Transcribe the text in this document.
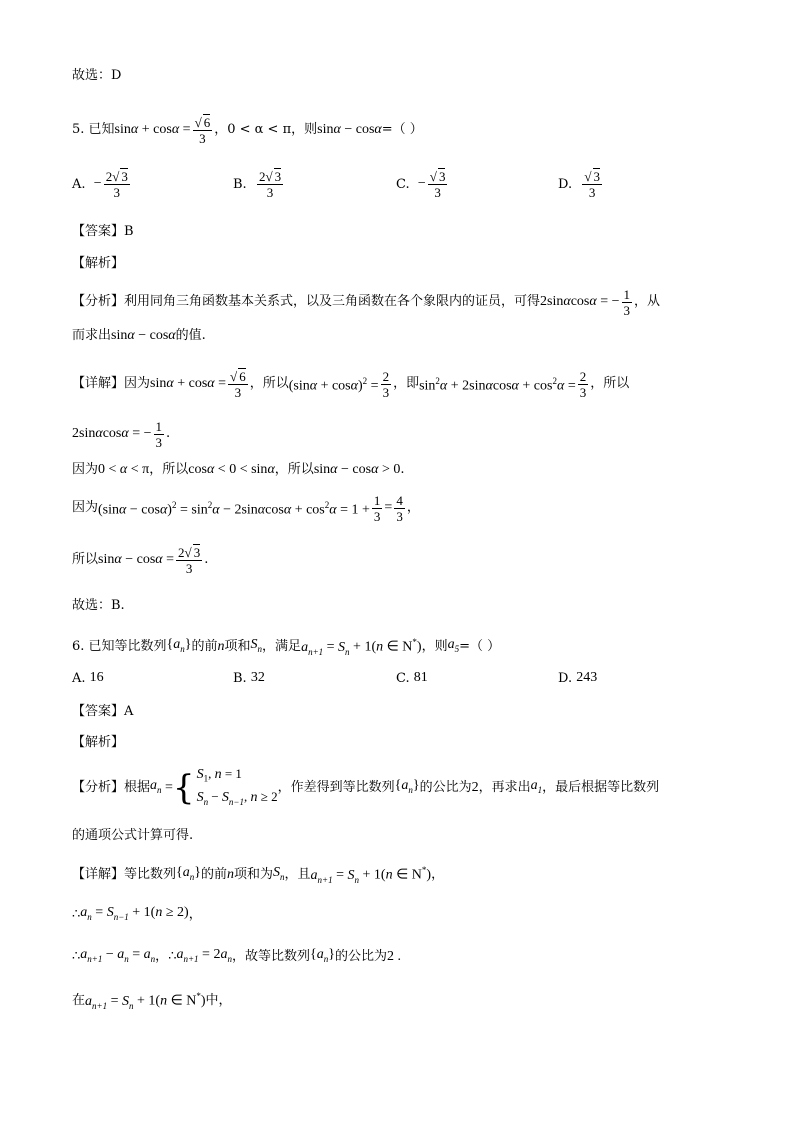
故选：D
5. 已知 $\sin\alpha + \cos\alpha = \frac{√ 6}{3}$ ，0 < α < π，则 sinα − cosα =（ ）
A.
− $\frac{2√ 3}{3}$	B.
$\frac{2√ 3}{3}$	C.
− $\frac{√ 3}{3}$	D.
$\frac{√ 3}{3}$
【答案】B
【解析】
【分析】利用同角三角函数基本关系式，以及三角函数在各个象限内的证员，可得 2sinαcosα = − $\frac{1}{3}$ ，从
而求出 sinα − cosα 的值.
【详解】因为 $\sin\alpha + \cos\alpha = \frac{√ 6}{3}$ ，所以 $(\sin\alpha + \cos\alpha)^2 = \frac{2}{3}$ ，即 $\sin^2\alpha + 2\sin\alpha\cos\alpha + \cos^2\alpha = \frac{2}{3}$ ，所以
2sinαcosα = − $\frac{1}{3}$ .
因为 0 < α < π ，所以 cosα < 0 < sinα ，所以 sinα − cosα > 0 .
因为 $(\sin\alpha - \cos\alpha)^2 = \sin^2\alpha - 2\sin\alpha\cos\alpha + \cos^2\alpha = 1 + \frac{1}{3} = \frac{4}{3}$ ，
所以 $\sin\alpha - \cos\alpha = \frac{2√ 3}{3}$ .
故选：B.
6. 已知等比数列 $\{a_n\}$ 的前 n 项和 $S_n$ ，满足 $a_{n+1} = S_n + 1(n$ ∈ N*) ，则 $a_5$ =（ ）
A.
16	B.
32	C.
81	D.
243
【答案】A
【解析】
【分析】根据 $a_n$ = { $S_1$, n = 1
$S_n - S_{n-1}$, n ≥ 2
，作差得到等比数列 $\{a_n\}$ 的公比为 2 ，再求出 $a_1$ ，最后根据等比数列
的通项公式计算可得.
【详解】等比数列 $\{a_n\}$ 的前 n 项和为 $S_n$ ，且 $a_{n+1} = S_n + 1(n$ ∈ N*) ，
∴ $a_n = S_{n-1} + 1(n \ge 2)$ ，
∴ $a_{n+1} - a_n = a_n$ ， ∴ $a_{n+1} = 2a_n$ ，故等比数列 $\{a_n\}$ 的公比为 2 .
在 $a_{n+1} = S_n + 1(n$ ∈ N*) 中，
